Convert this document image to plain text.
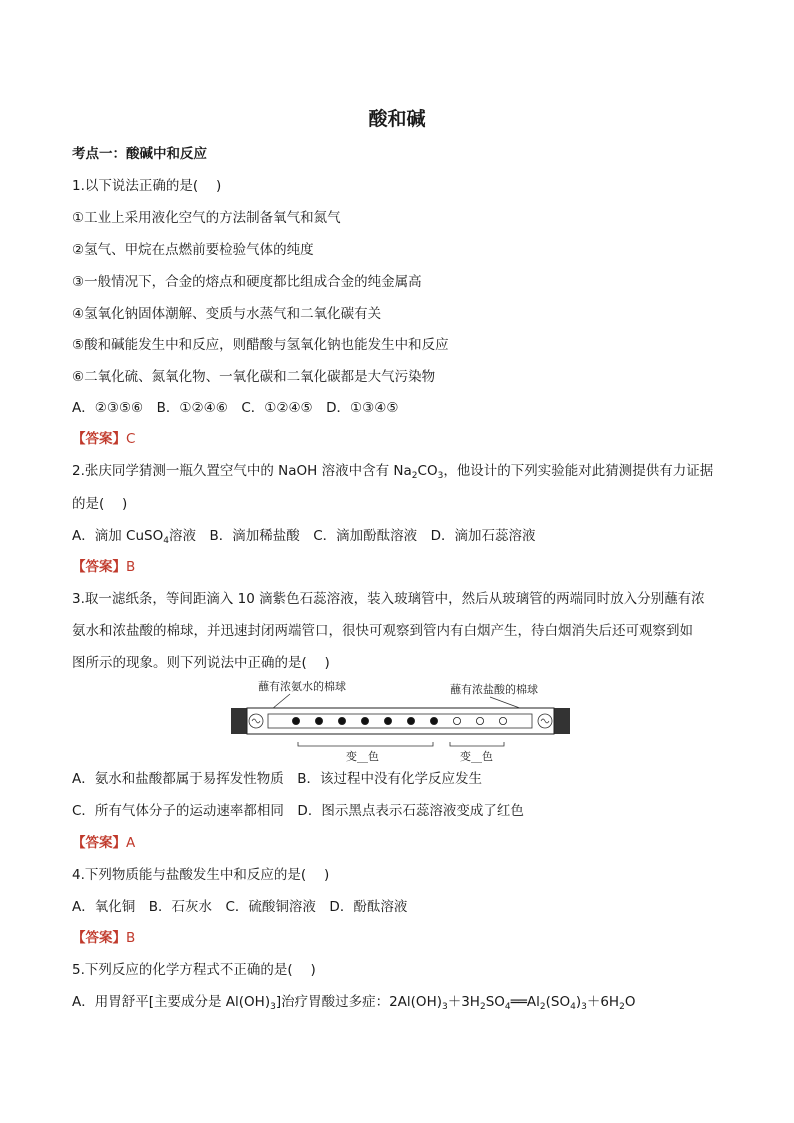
酸和碱
考点一：酸碱中和反应
1.以下说法正确的是(　 )
①工业上采用液化空气的方法制备氧气和氮气
②氢气、甲烷在点燃前要检验气体的纯度
③一般情况下，合金的熔点和硬度都比组成合金的纯金属高
④氢氧化钠固体潮解、变质与水蒸气和二氧化碳有关
⑤酸和碱能发生中和反应，则醋酸与氢氧化钠也能发生中和反应
⑥二氧化硫、氮氧化物、一氧化碳和二氧化碳都是大气污染物
A．②③⑤⑥　B．①②④⑥　C．①②④⑤　D．①③④⑤
【答案】C
2.张庆同学猜测一瓶久置空气中的 NaOH 溶液中含有 $Na_2CO_3$，他设计的下列实验能对此猜测提供有力证据
的是(　 )
A．滴加 CuSO$_4$溶液　B．滴加稀盐酸　C．滴加酚酞溶液　D．滴加石蕊溶液
【答案】B
3.取一滤纸条，等间距滴入 10 滴紫色石蕊溶液，装入玻璃管中，然后从玻璃管的两端同时放入分别蘸有浓
氨水和浓盐酸的棉球，并迅速封闭两端管口，很快可观察到管内有白烟产生，待白烟消失后还可观察到如
图所示的现象。则下列说法中正确的是(　 )
蘸有浓氨水的棉球	蘸有浓盐酸的棉球
变__色	变__色
A．氨水和盐酸都属于易挥发性物质　B．该过程中没有化学反应发生
C．所有气体分子的运动速率都相同　D．图示黑点表示石蕊溶液变成了红色
【答案】A
4.下列物质能与盐酸发生中和反应的是(　 )
A．氧化铜　B．石灰水　C．硫酸铜溶液　D．酚酞溶液
【答案】B
5.下列反应的化学方程式不正确的是(　 )
A．用胃舒平[主要成分是 $Al(OH)_3$]治疗胃酸过多症：$2Al(OH)_3+3H_2SO_4══Al_2(SO_4)_3+6H_2O$
